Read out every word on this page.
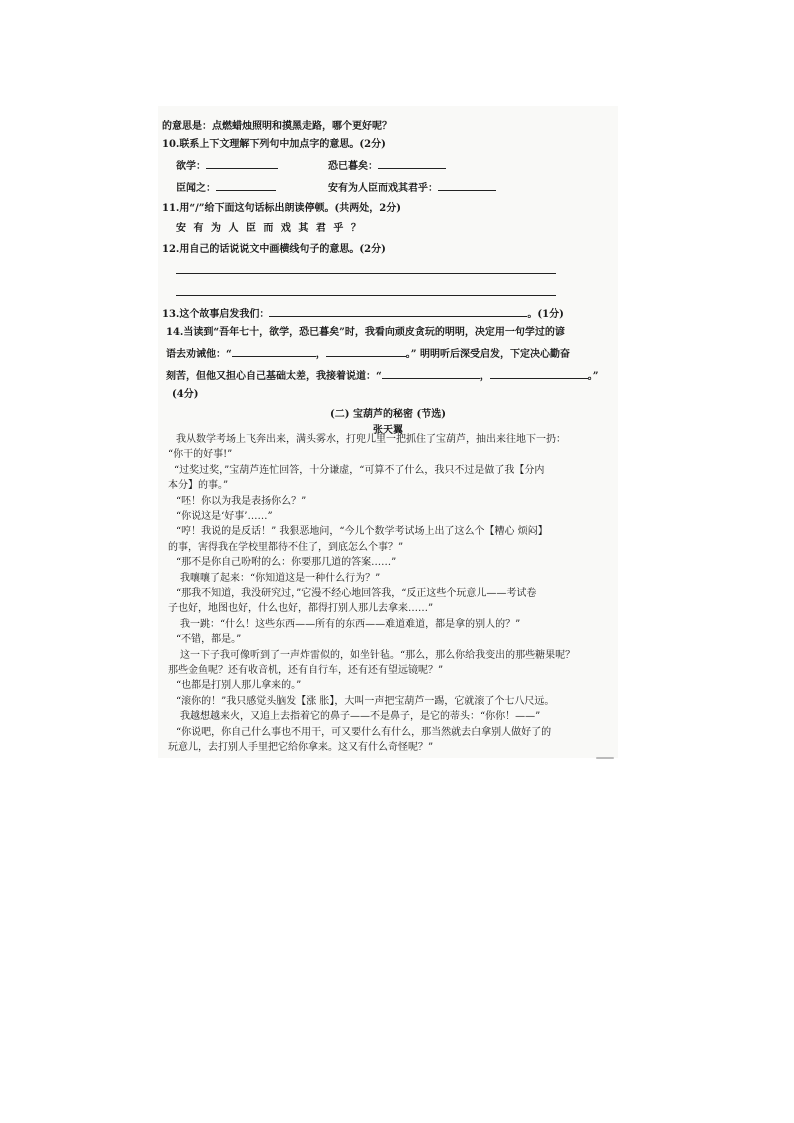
的意思是：点燃蜡烛照明和摸黑走路，哪个更好呢？
10.联系上下文理解下列句中加点字的意思。(2分)
欲学：	恐已暮矣：
臣闻之：	安有为人臣而戏其君乎：
11.用“/”给下面这句话标出朗读停顿。(共两处，2分)
安 有 为 人 臣 而 戏 其 君 乎 ？
12.用自己的话说说文中画横线句子的意思。(2分)
13.这个故事启发我们：	。(1分)
14.当读到“吾年七十，欲学，恐已暮矣”时，我看向顽皮贪玩的明明，决定用一句学过的谚
语去劝诫他：“	，	。” 明明听后深受启发，下定决心勤奋
刻苦，但他又担心自己基础太差，我接着说道：“	，	。”
(4分)
(二) 宝葫芦的秘密 (节选)
张天翼
我从数学考场上飞奔出来，满头雾水，打兜儿里一把抓住了宝葫芦，抽出来往地下一扔：
“你干的好事!”
“过奖过奖，”宝葫芦连忙回答，十分谦虚，“可算不了什么，我只不过是做了我【分内
本分】的事。”
“呸！你以为我是表扬你么？”
“你说这是‘好事’……”
“哼！我说的是反话！” 我狠恶地问，“今儿个数学考试场上出了这么个【糟心 烦闷】
的事，害得我在学校里都待不住了，到底怎么个事？”
“那不是你自己吩咐的么：你要那几道的答案……”
我嚷嚷了起来：“你知道这是一种什么行为？”
“那我不知道，我没研究过，”它漫不经心地回答我，“反正这些个玩意儿——考试卷
子也好，地图也好，什么也好，都得打别人那儿去拿来……”
我一跳：“什么！这些东西——所有的东西——难道难道，都是拿的别人的？”
“不错，都是。”
这一下子我可像听到了一声炸雷似的，如坐针毡。“那么，那么你给我变出的那些糖果呢？
那些金鱼呢？还有收音机，还有自行车，还有还有望远镜呢？”
“也都是打别人那儿拿来的。”
“滚你的！”我只感觉头脑发【涨 胀】，大叫一声把宝葫芦一踢，它就滚了个七八尺远。
我越想越来火，又追上去指着它的鼻子——不是鼻子，是它的蒂头：“你你！——”
“你说吧，你自己什么事也不用干，可又要什么有什么，那当然就去白拿别人做好了的
玩意儿，去打别人手里把它给你拿来。这又有什么奇怪呢？”
